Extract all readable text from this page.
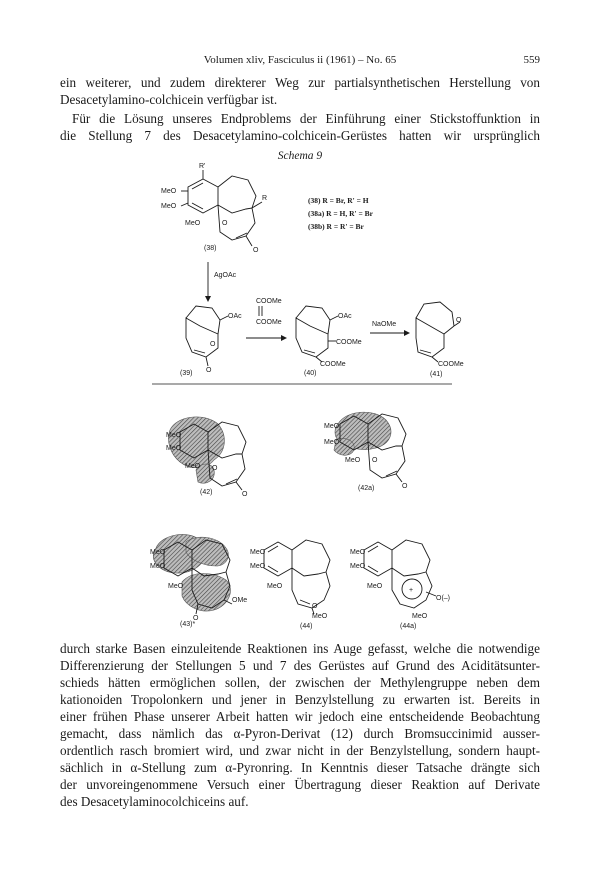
Volumen xliv, Fasciculus ii (1961) – No. 65	559

ein weiterer, und zudem direkterer Weg zur partialsynthetischen Herstellung von
Desacetylamino-colchicein verfügbar ist.

Für die Lösung unseres Endproblems der Einführung einer Stickstoffunktion in
die Stellung 7 des Desacetylamino-colchicein-Gerüstes hatten wir ursprünglich

Schema 9
R'
R
MeO
MeO
MeO	O
O
(38)
(38) R = Br, R' = H
(38a) R = H, R' = Br
(38b) R = R' = Br
AgOAc
OAc
O
O
(39)
COOMe
COOMe
OAc
COOMe
COOMe
(40)
NaOMe
O
COOMe
(41)
MeO
MeO
MeO O
O
(42)
MeO
MeO
MeO O
O
(42a)
MeO
MeO
MeO
OMe
O
(43)*
MeO
MeO
MeO
MeO
O
(44)
+
MeO
MeO
MeO
O(–)
MeO
(44a)

durch starke Basen einzuleitende Reaktionen ins Auge gefasst, welche die notwendige
Differenzierung der Stellungen 5 und 7 des Gerüstes auf Grund des Aciditätsunter-
schieds hätten ermöglichen sollen, der zwischen der Methylengruppe neben dem
kationoiden Tropolonkern und jener in Benzylstellung zu erwarten ist. Bereits in
einer frühen Phase unserer Arbeit hatten wir jedoch eine entscheidende Beobachtung
gemacht, dass nämlich das α-Pyron-Derivat (12) durch Bromsuccinimid ausser-
ordentlich rasch bromiert wird, und zwar nicht in der Benzylstellung, sondern haupt-
sächlich in α-Stellung zum α-Pyronring. In Kenntnis dieser Tatsache drängte sich
der unvoreingenommene Versuch einer Übertragung dieser Reaktion auf Derivate
des Desacetylaminocolchiceins auf.
